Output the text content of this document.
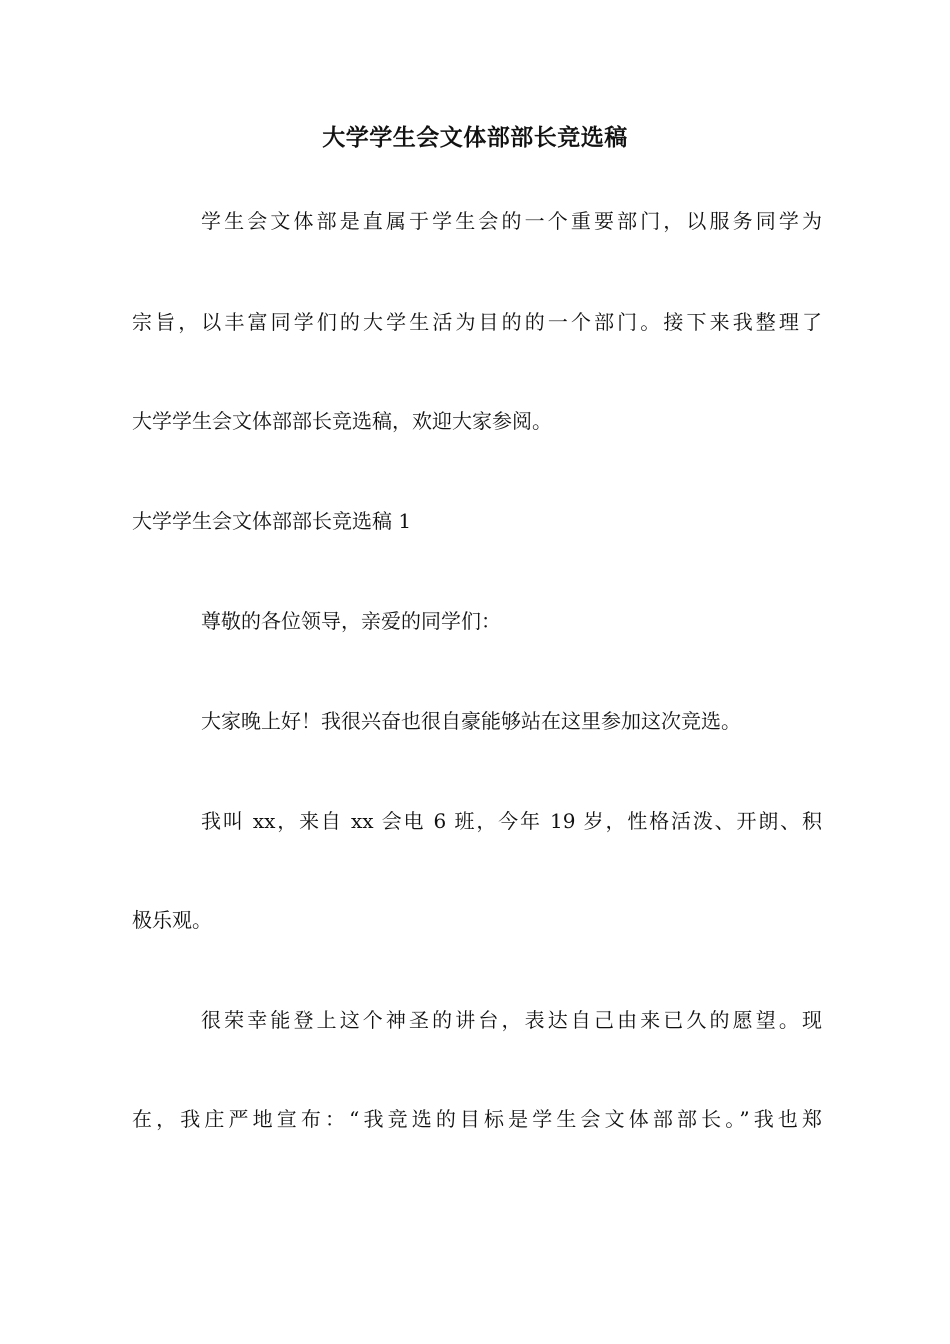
大学学生会文体部部长竞选稿
学生会文体部是直属于学生会的一个重要部门，以服务同学为
宗旨，以丰富同学们的大学生活为目的的一个部门。接下来我整理了
大学学生会文体部部长竞选稿，欢迎大家参阅。
大学学生会文体部部长竞选稿 1
尊敬的各位领导，亲爱的同学们：
大家晚上好！我很兴奋也很自豪能够站在这里参加这次竞选。
我叫 xx，来自 xx 会电 6 班，今年 19 岁，性格活泼、开朗、积
极乐观。
很荣幸能登上这个神圣的讲台，表达自己由来已久的愿望。现
在，我庄严地宣布：“我竞选的目标是学生会文体部部长。”我也郑
